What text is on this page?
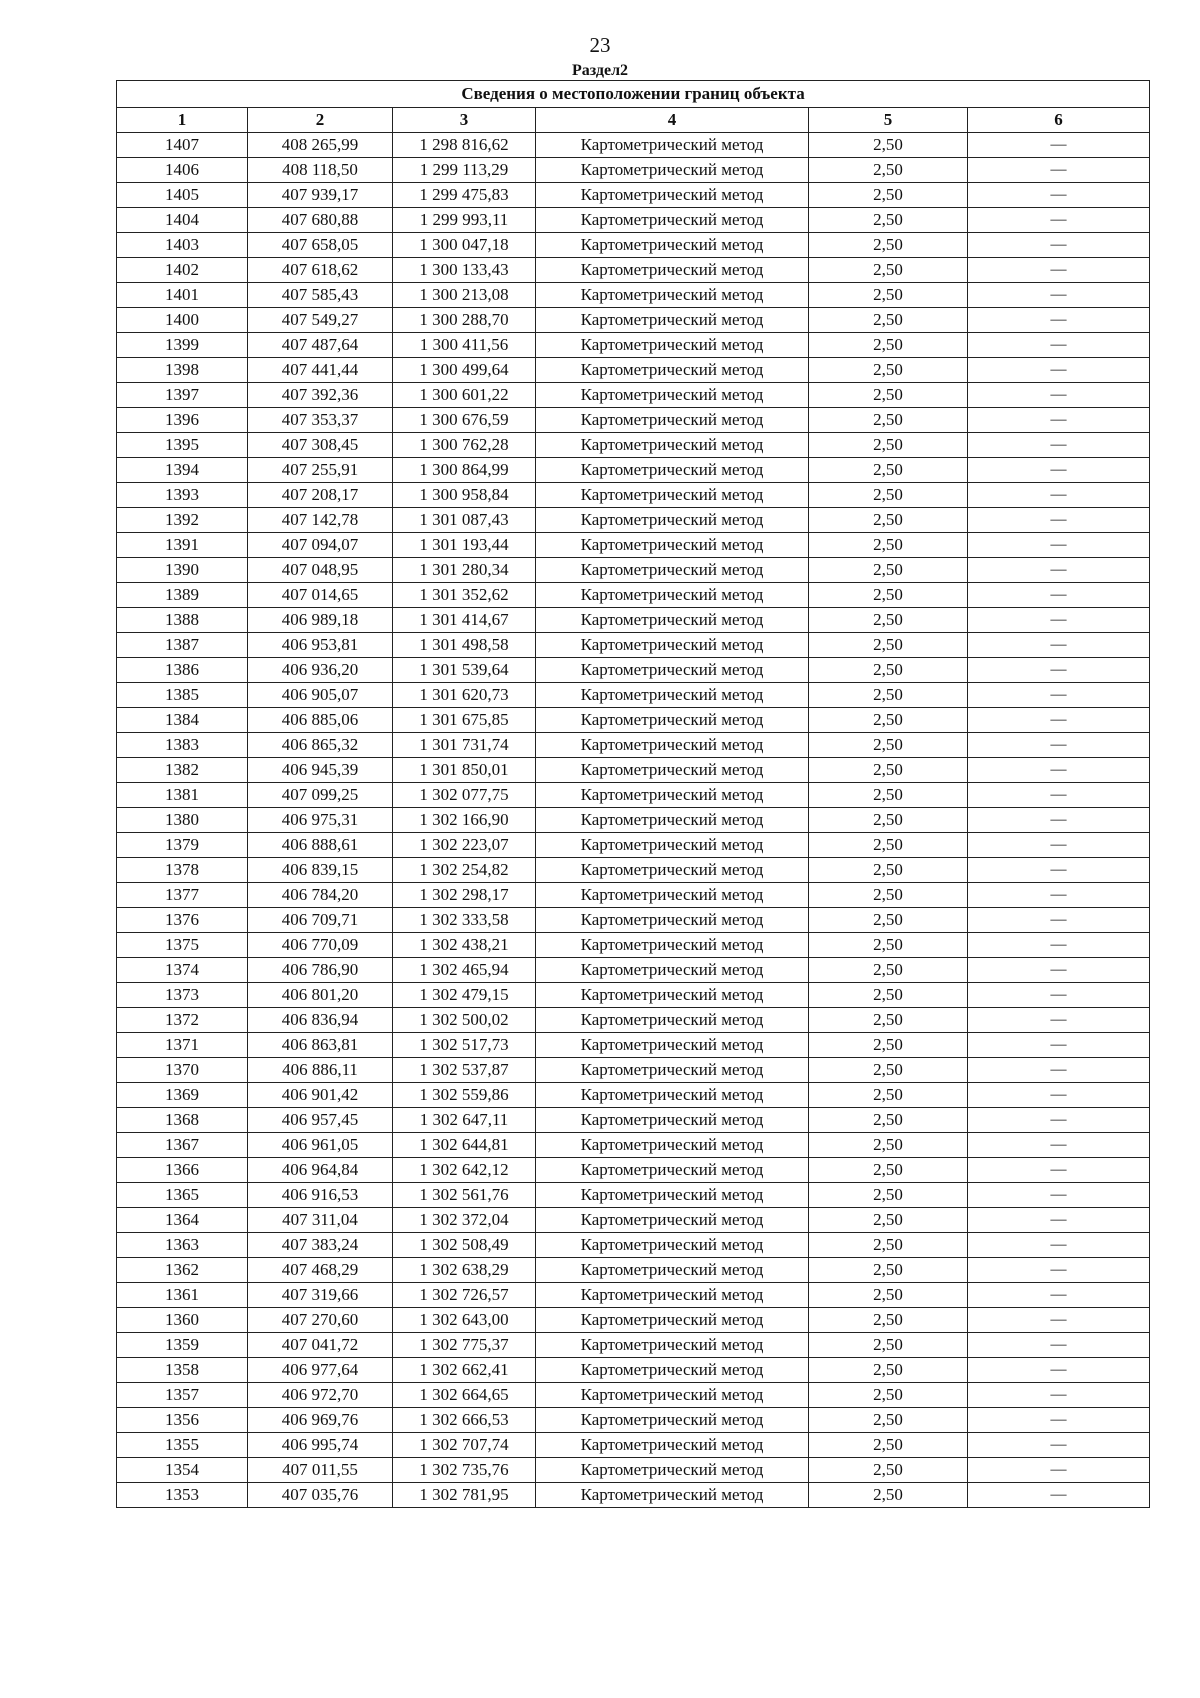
23
Раздел2
Сведения о местоположении границ объекта					
1	2	3	4	5	6
1407	408 265,99	1 298 816,62	Картометрический метод	2,50	—
1406	408 118,50	1 299 113,29	Картометрический метод	2,50	—
1405	407 939,17	1 299 475,83	Картометрический метод	2,50	—
1404	407 680,88	1 299 993,11	Картометрический метод	2,50	—
1403	407 658,05	1 300 047,18	Картометрический метод	2,50	—
1402	407 618,62	1 300 133,43	Картометрический метод	2,50	—
1401	407 585,43	1 300 213,08	Картометрический метод	2,50	—
1400	407 549,27	1 300 288,70	Картометрический метод	2,50	—
1399	407 487,64	1 300 411,56	Картометрический метод	2,50	—
1398	407 441,44	1 300 499,64	Картометрический метод	2,50	—
1397	407 392,36	1 300 601,22	Картометрический метод	2,50	—
1396	407 353,37	1 300 676,59	Картометрический метод	2,50	—
1395	407 308,45	1 300 762,28	Картометрический метод	2,50	—
1394	407 255,91	1 300 864,99	Картометрический метод	2,50	—
1393	407 208,17	1 300 958,84	Картометрический метод	2,50	—
1392	407 142,78	1 301 087,43	Картометрический метод	2,50	—
1391	407 094,07	1 301 193,44	Картометрический метод	2,50	—
1390	407 048,95	1 301 280,34	Картометрический метод	2,50	—
1389	407 014,65	1 301 352,62	Картометрический метод	2,50	—
1388	406 989,18	1 301 414,67	Картометрический метод	2,50	—
1387	406 953,81	1 301 498,58	Картометрический метод	2,50	—
1386	406 936,20	1 301 539,64	Картометрический метод	2,50	—
1385	406 905,07	1 301 620,73	Картометрический метод	2,50	—
1384	406 885,06	1 301 675,85	Картометрический метод	2,50	—
1383	406 865,32	1 301 731,74	Картометрический метод	2,50	—
1382	406 945,39	1 301 850,01	Картометрический метод	2,50	—
1381	407 099,25	1 302 077,75	Картометрический метод	2,50	—
1380	406 975,31	1 302 166,90	Картометрический метод	2,50	—
1379	406 888,61	1 302 223,07	Картометрический метод	2,50	—
1378	406 839,15	1 302 254,82	Картометрический метод	2,50	—
1377	406 784,20	1 302 298,17	Картометрический метод	2,50	—
1376	406 709,71	1 302 333,58	Картометрический метод	2,50	—
1375	406 770,09	1 302 438,21	Картометрический метод	2,50	—
1374	406 786,90	1 302 465,94	Картометрический метод	2,50	—
1373	406 801,20	1 302 479,15	Картометрический метод	2,50	—
1372	406 836,94	1 302 500,02	Картометрический метод	2,50	—
1371	406 863,81	1 302 517,73	Картометрический метод	2,50	—
1370	406 886,11	1 302 537,87	Картометрический метод	2,50	—
1369	406 901,42	1 302 559,86	Картометрический метод	2,50	—
1368	406 957,45	1 302 647,11	Картометрический метод	2,50	—
1367	406 961,05	1 302 644,81	Картометрический метод	2,50	—
1366	406 964,84	1 302 642,12	Картометрический метод	2,50	—
1365	406 916,53	1 302 561,76	Картометрический метод	2,50	—
1364	407 311,04	1 302 372,04	Картометрический метод	2,50	—
1363	407 383,24	1 302 508,49	Картометрический метод	2,50	—
1362	407 468,29	1 302 638,29	Картометрический метод	2,50	—
1361	407 319,66	1 302 726,57	Картометрический метод	2,50	—
1360	407 270,60	1 302 643,00	Картометрический метод	2,50	—
1359	407 041,72	1 302 775,37	Картометрический метод	2,50	—
1358	406 977,64	1 302 662,41	Картометрический метод	2,50	—
1357	406 972,70	1 302 664,65	Картометрический метод	2,50	—
1356	406 969,76	1 302 666,53	Картометрический метод	2,50	—
1355	406 995,74	1 302 707,74	Картометрический метод	2,50	—
1354	407 011,55	1 302 735,76	Картометрический метод	2,50	—
1353	407 035,76	1 302 781,95	Картометрический метод	2,50	—
